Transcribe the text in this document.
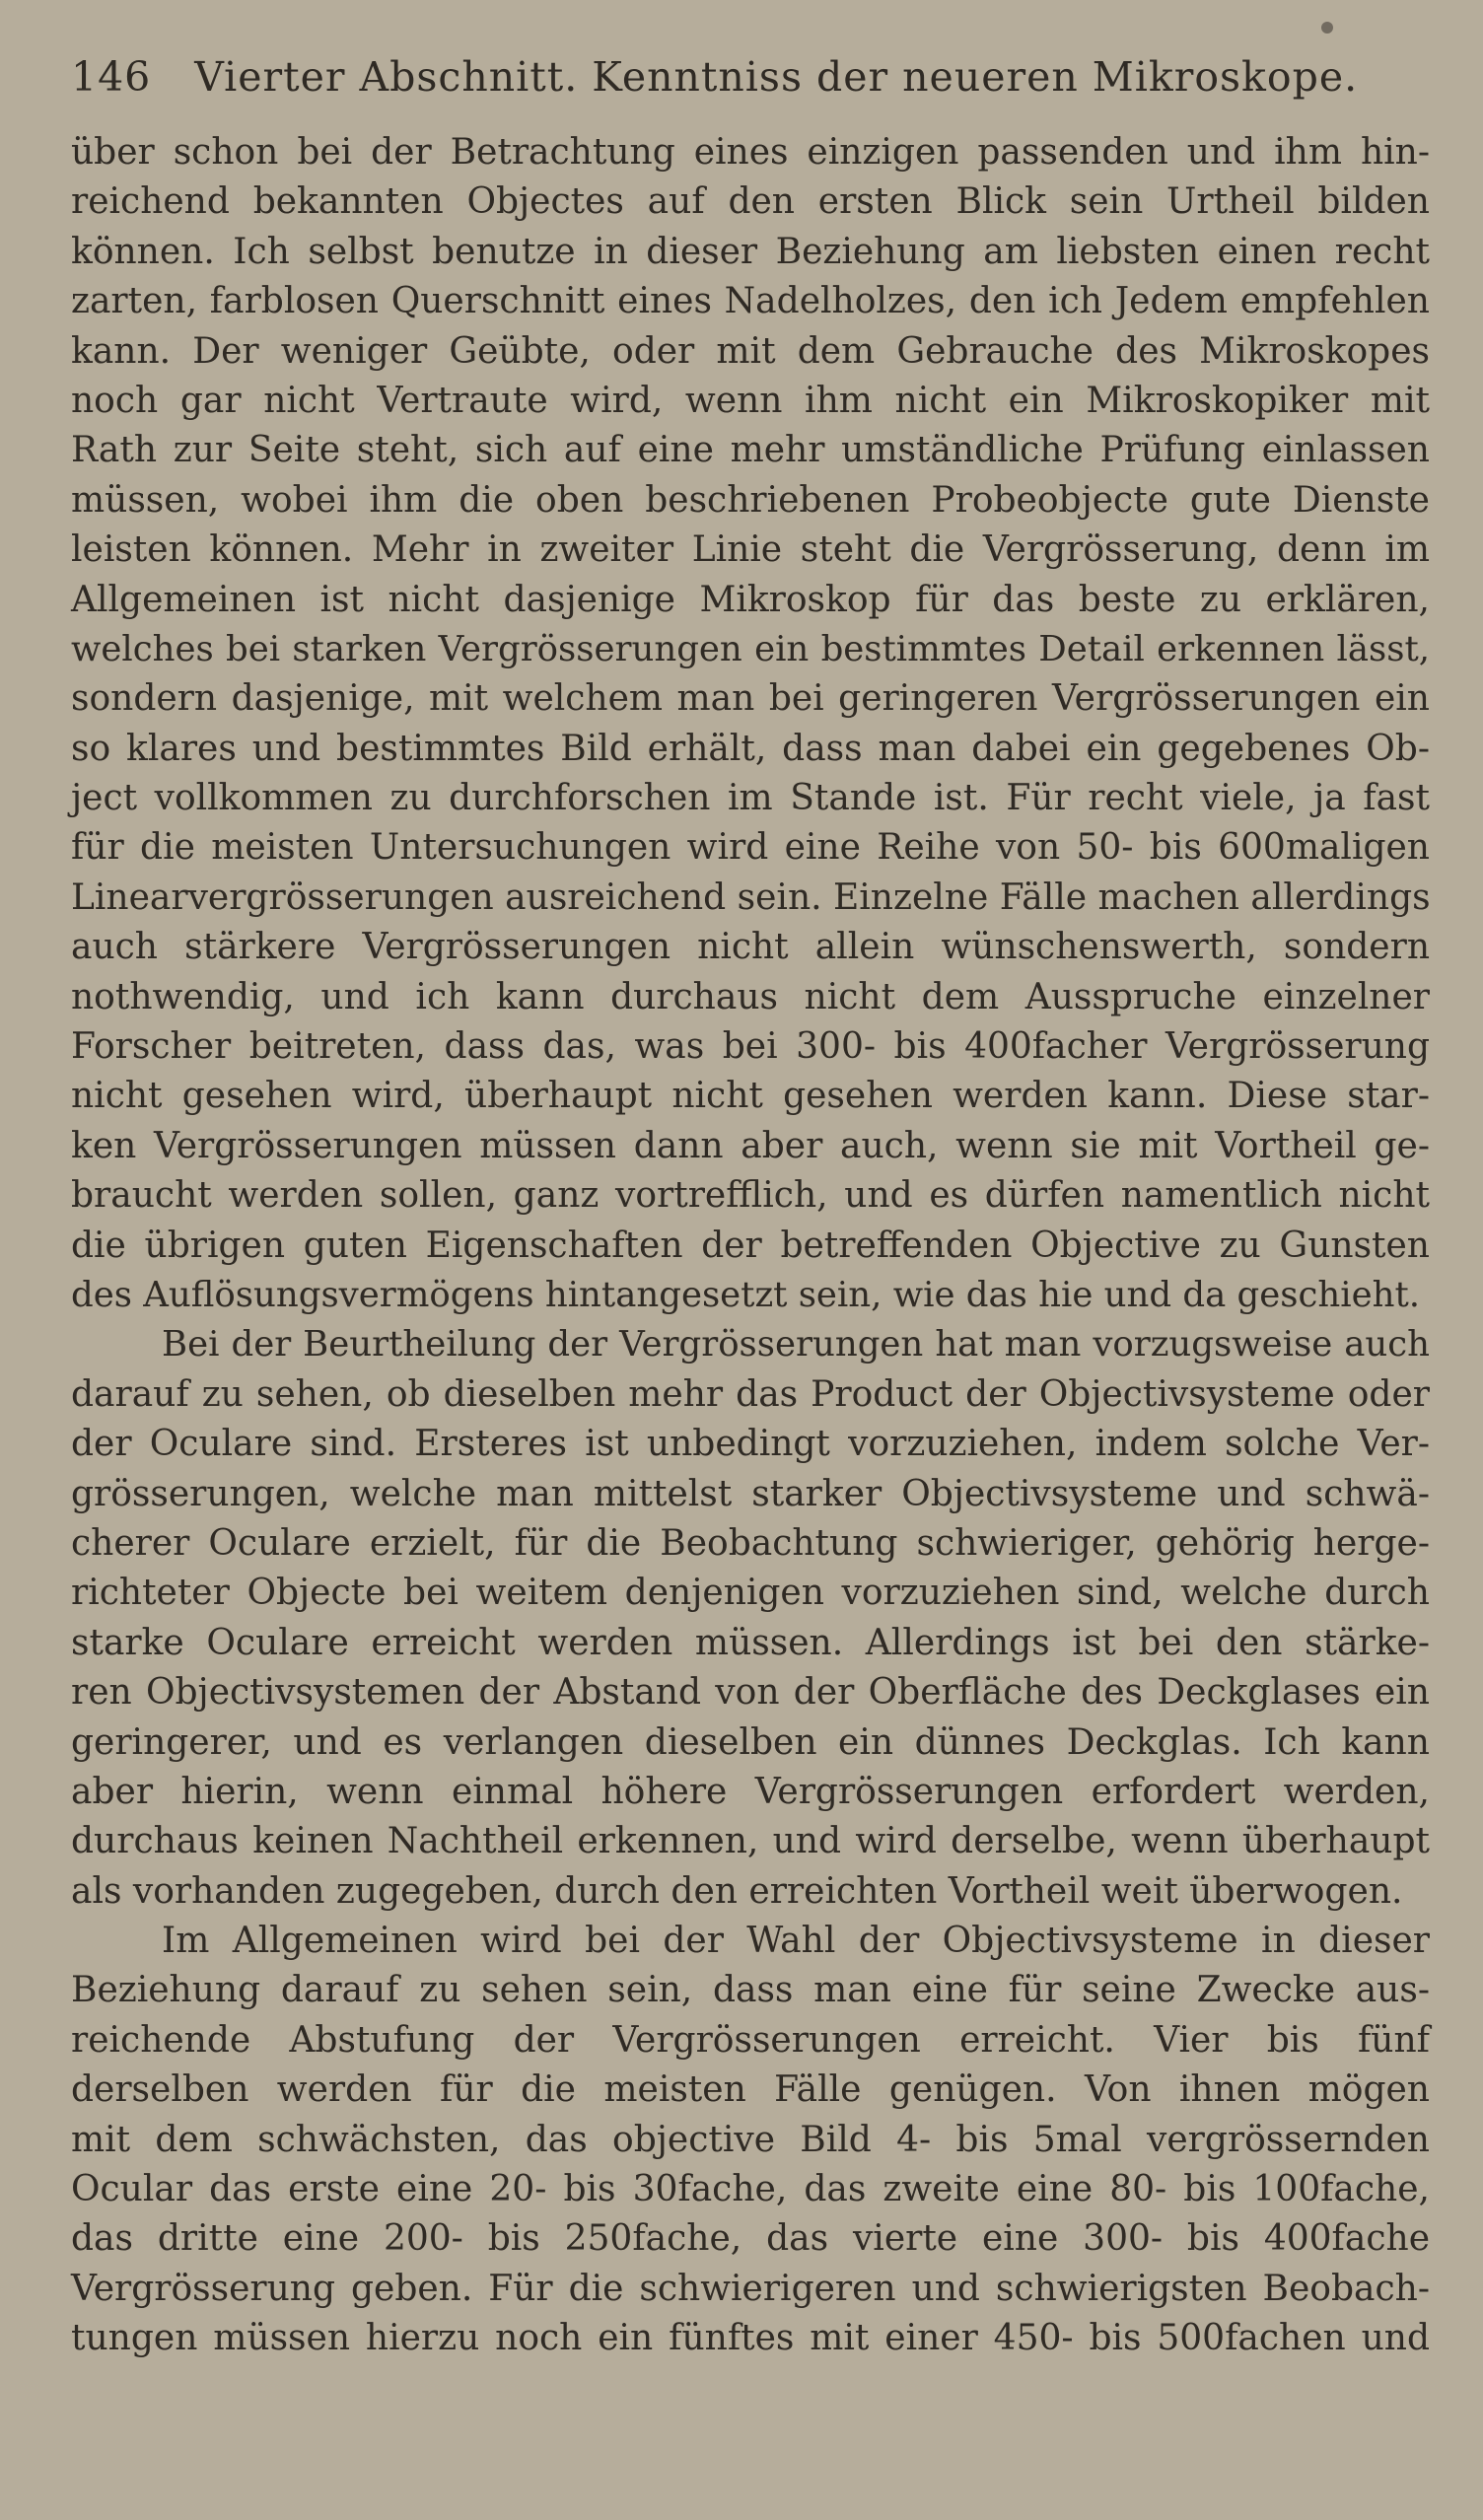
146 Vierter Abschnitt. Kenntniss der neueren Mikroskope.
über schon bei der Betrachtung eines einzigen passenden und ihm hin-
reichend bekannten Objectes auf den ersten Blick sein Urtheil bilden
können. Ich selbst benutze in dieser Beziehung am liebsten einen recht
zarten, farblosen Querschnitt eines Nadelholzes, den ich Jedem empfehlen
kann. Der weniger Geübte, oder mit dem Gebrauche des Mikroskopes
noch gar nicht Vertraute wird, wenn ihm nicht ein Mikroskopiker mit
Rath zur Seite steht, sich auf eine mehr umständliche Prüfung einlassen
müssen, wobei ihm die oben beschriebenen Probeobjecte gute Dienste
leisten können. Mehr in zweiter Linie steht die Vergrösserung, denn im
Allgemeinen ist nicht dasjenige Mikroskop für das beste zu erklären,
welches bei starken Vergrösserungen ein bestimmtes Detail erkennen lässt,
sondern dasjenige, mit welchem man bei geringeren Vergrösserungen ein
so klares und bestimmtes Bild erhält, dass man dabei ein gegebenes Ob-
ject vollkommen zu durchforschen im Stande ist. Für recht viele, ja fast
für die meisten Untersuchungen wird eine Reihe von 50- bis 600maligen
Linearvergrösserungen ausreichend sein. Einzelne Fälle machen allerdings
auch stärkere Vergrösserungen nicht allein wünschenswerth, sondern
nothwendig, und ich kann durchaus nicht dem Ausspruche einzelner
Forscher beitreten, dass das, was bei 300- bis 400facher Vergrösserung
nicht gesehen wird, überhaupt nicht gesehen werden kann. Diese star-
ken Vergrösserungen müssen dann aber auch, wenn sie mit Vortheil ge-
braucht werden sollen, ganz vortrefflich, und es dürfen namentlich nicht
die übrigen guten Eigenschaften der betreffenden Objective zu Gunsten
des Auflösungsvermögens hintangesetzt sein, wie das hie und da geschieht.
Bei der Beurtheilung der Vergrösserungen hat man vorzugsweise auch
darauf zu sehen, ob dieselben mehr das Product der Objectivsysteme oder
der Oculare sind. Ersteres ist unbedingt vorzuziehen, indem solche Ver-
grösserungen, welche man mittelst starker Objectivsysteme und schwä-
cherer Oculare erzielt, für die Beobachtung schwieriger, gehörig herge-
richteter Objecte bei weitem denjenigen vorzuziehen sind, welche durch
starke Oculare erreicht werden müssen. Allerdings ist bei den stärke-
ren Objectivsystemen der Abstand von der Oberfläche des Deckglases ein
geringerer, und es verlangen dieselben ein dünnes Deckglas. Ich kann
aber hierin, wenn einmal höhere Vergrösserungen erfordert werden,
durchaus keinen Nachtheil erkennen, und wird derselbe, wenn überhaupt
als vorhanden zugegeben, durch den erreichten Vortheil weit überwogen.
Im Allgemeinen wird bei der Wahl der Objectivsysteme in dieser
Beziehung darauf zu sehen sein, dass man eine für seine Zwecke aus-
reichende Abstufung der Vergrösserungen erreicht. Vier bis fünf
derselben werden für die meisten Fälle genügen. Von ihnen mögen
mit dem schwächsten, das objective Bild 4- bis 5mal vergrössernden
Ocular das erste eine 20- bis 30fache, das zweite eine 80- bis 100fache,
das dritte eine 200- bis 250fache, das vierte eine 300- bis 400fache
Vergrösserung geben. Für die schwierigeren und schwierigsten Beobach-
tungen müssen hierzu noch ein fünftes mit einer 450- bis 500fachen und
